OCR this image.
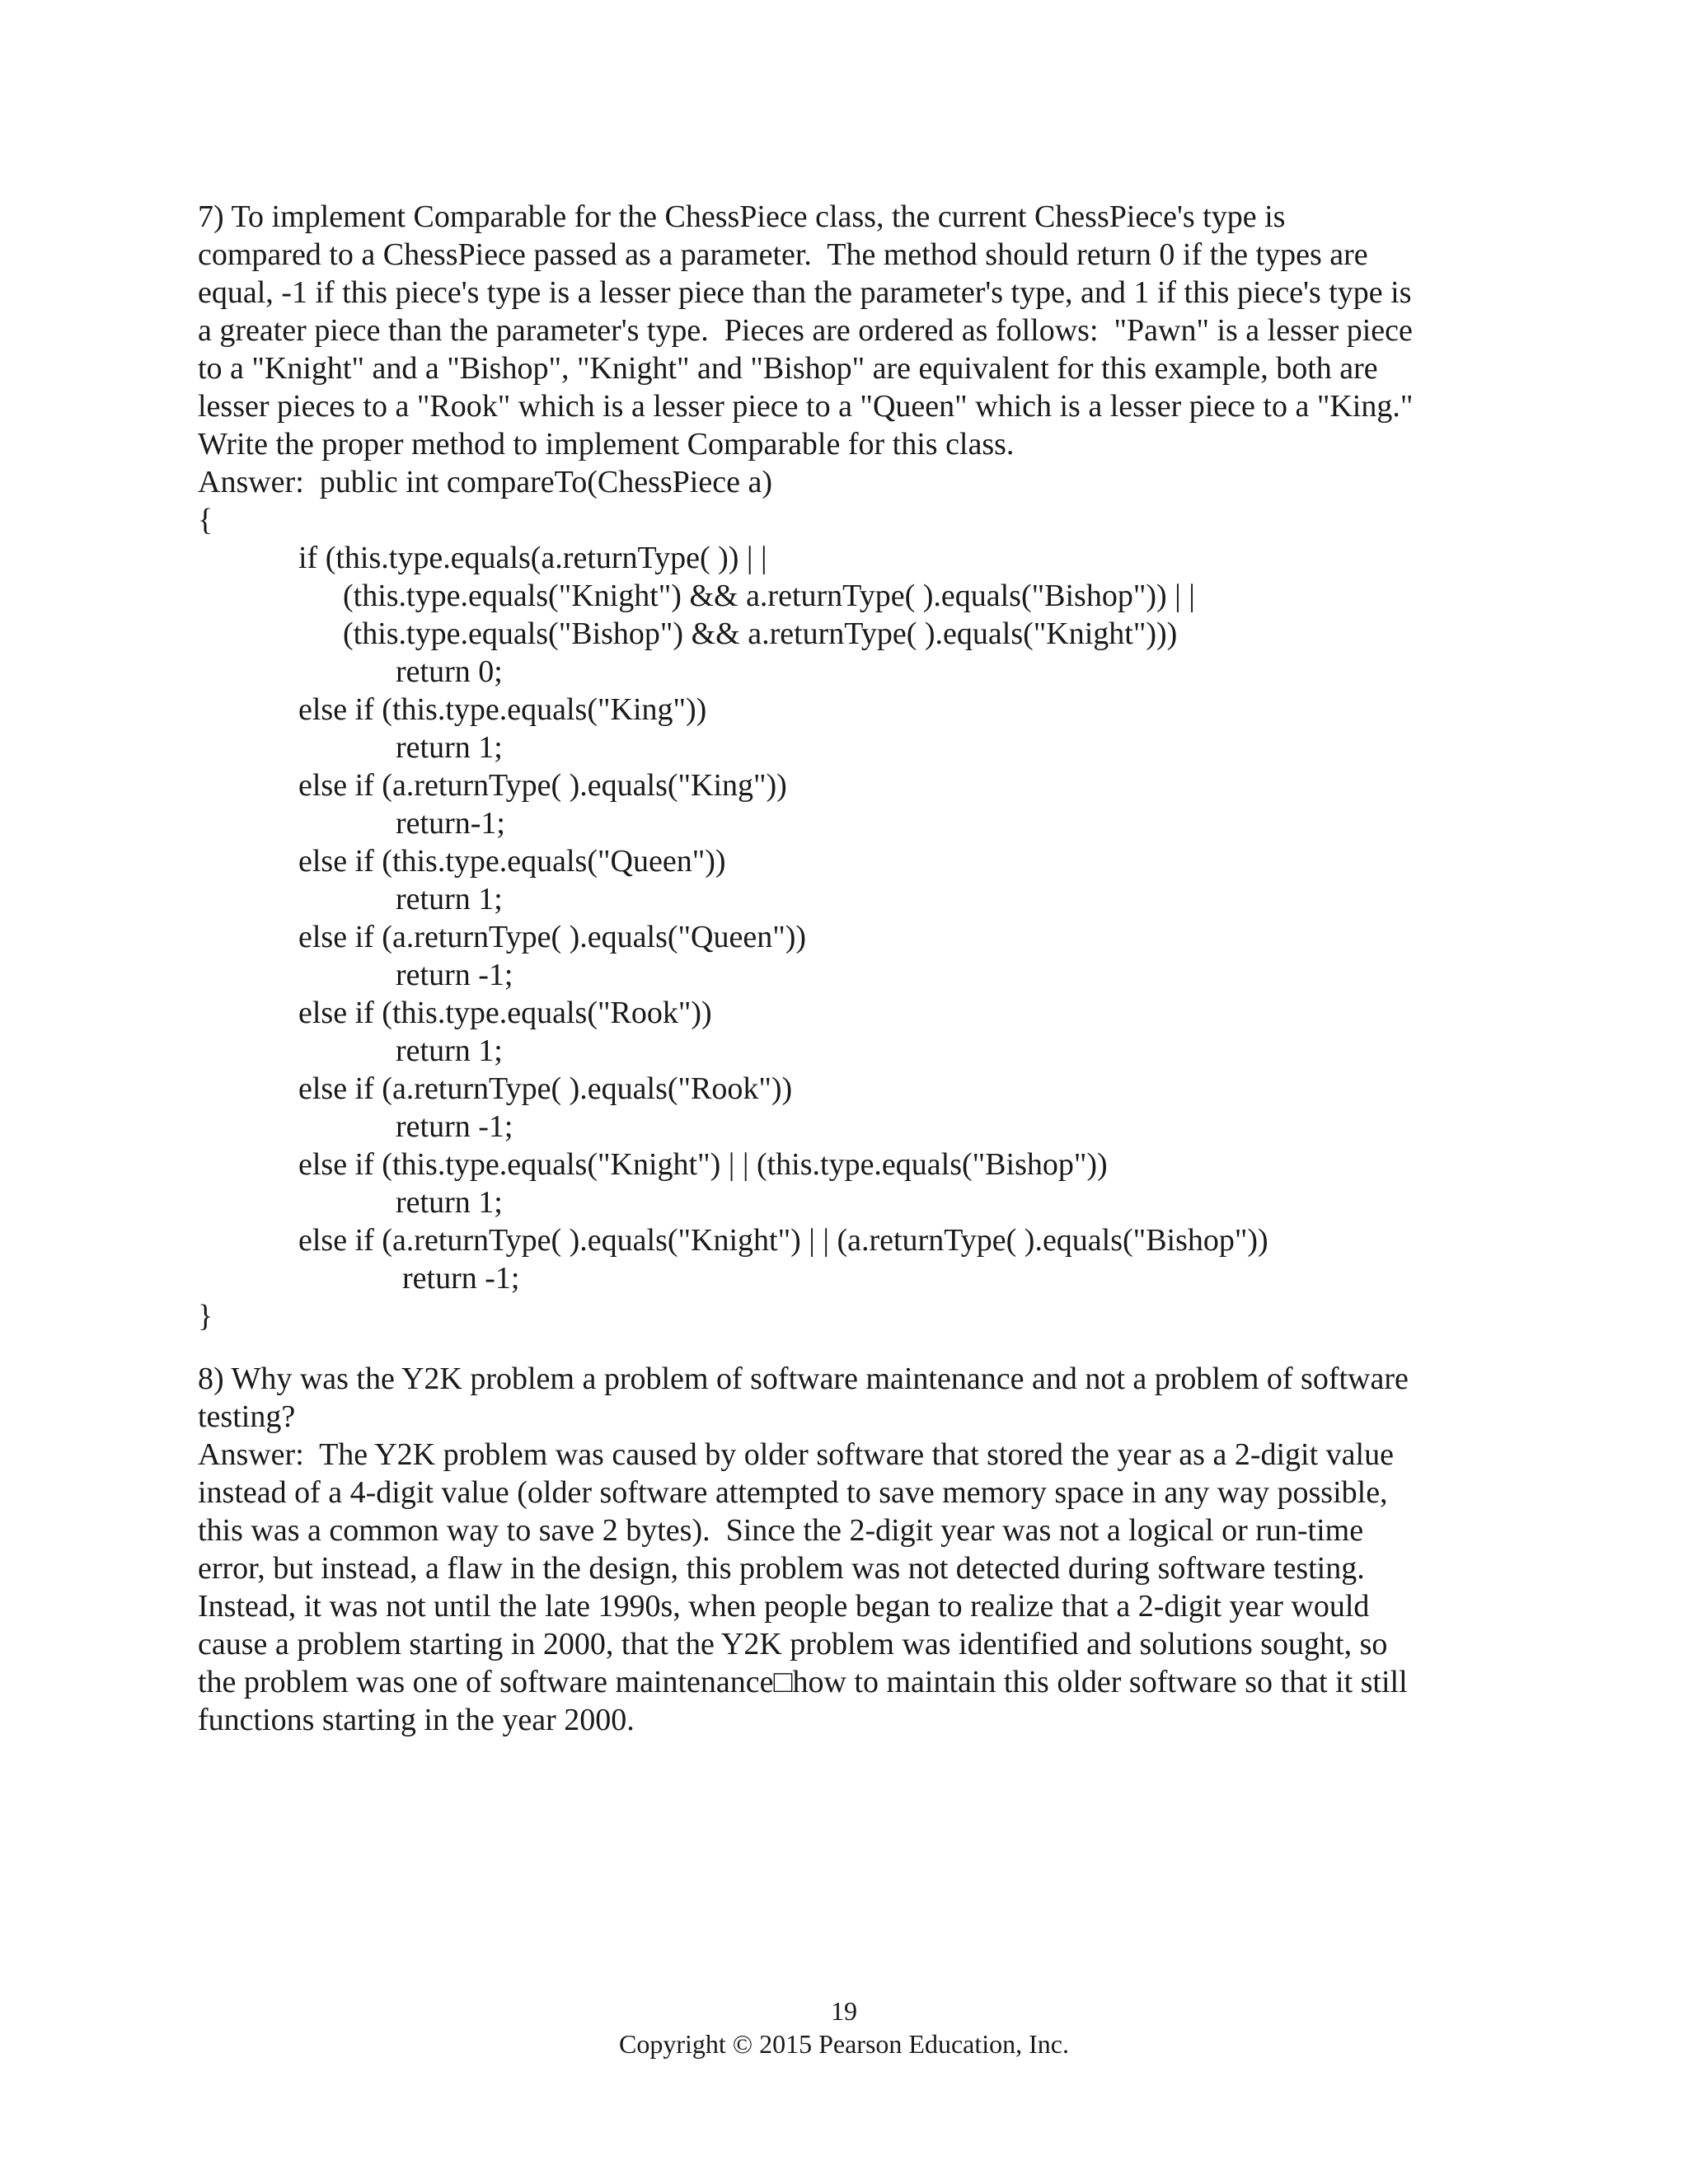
7) To implement Comparable for the ChessPiece class, the current ChessPiece's type is
compared to a ChessPiece passed as a parameter.  The method should return 0 if the types are
equal, -1 if this piece's type is a lesser piece than the parameter's type, and 1 if this piece's type is
a greater piece than the parameter's type.  Pieces are ordered as follows:  "Pawn" is a lesser piece
to a "Knight" and a "Bishop", "Knight" and "Bishop" are equivalent for this example, both are
lesser pieces to a "Rook" which is a lesser piece to a "Queen" which is a lesser piece to a "King."
Write the proper method to implement Comparable for this class.
Answer:  public int compareTo(ChessPiece a)
{
if (this.type.equals(a.returnType( )) | |
(this.type.equals("Knight") && a.returnType( ).equals("Bishop")) | |
(this.type.equals("Bishop") && a.returnType( ).equals("Knight")))
return 0;
else if (this.type.equals("King"))
return 1;
else if (a.returnType( ).equals("King"))
return-1;
else if (this.type.equals("Queen"))
return 1;
else if (a.returnType( ).equals("Queen"))
return -1;
else if (this.type.equals("Rook"))
return 1;
else if (a.returnType( ).equals("Rook"))
return -1;
else if (this.type.equals("Knight") | | (this.type.equals("Bishop"))
return 1;
else if (a.returnType( ).equals("Knight") | | (a.returnType( ).equals("Bishop"))
return -1;
}
8) Why was the Y2K problem a problem of software maintenance and not a problem of software
testing?
Answer:  The Y2K problem was caused by older software that stored the year as a 2-digit value
instead of a 4-digit value (older software attempted to save memory space in any way possible,
this was a common way to save 2 bytes).  Since the 2-digit year was not a logical or run-time
error, but instead, a flaw in the design, this problem was not detected during software testing.
Instead, it was not until the late 1990s, when people began to realize that a 2-digit year would
cause a problem starting in 2000, that the Y2K problem was identified and solutions sought, so
the problem was one of software maintenance□how to maintain this older software so that it still
functions starting in the year 2000.
19
Copyright © 2015 Pearson Education, Inc.
